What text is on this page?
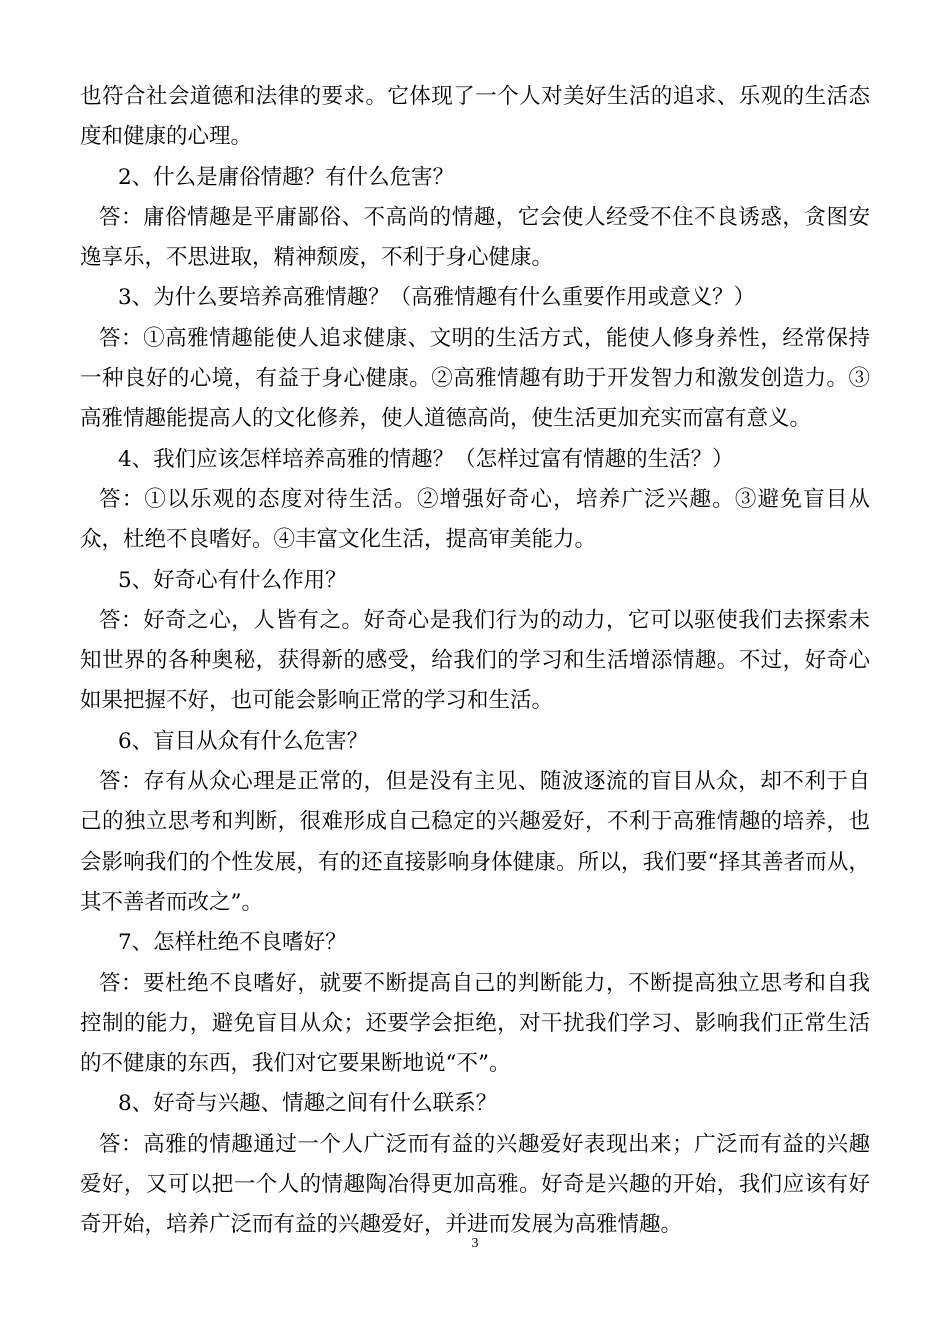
也符合社会道德和法律的要求。它体现了一个人对美好生活的追求、乐观的生活态度和健康的心理。

2、什么是庸俗情趣？有什么危害？

答：庸俗情趣是平庸鄙俗、不高尚的情趣，它会使人经受不住不良诱惑，贪图安逸享乐，不思进取，精神颓废，不利于身心健康。

3、为什么要培养高雅情趣？（高雅情趣有什么重要作用或意义？）

答：①高雅情趣能使人追求健康、文明的生活方式，能使人修身养性，经常保持一种良好的心境，有益于身心健康。②高雅情趣有助于开发智力和激发创造力。③高雅情趣能提高人的文化修养，使人道德高尚，使生活更加充实而富有意义。

4、我们应该怎样培养高雅的情趣？（怎样过富有情趣的生活？）

答：①以乐观的态度对待生活。②增强好奇心，培养广泛兴趣。③避免盲目从众，杜绝不良嗜好。④丰富文化生活，提高审美能力。

5、好奇心有什么作用？

答：好奇之心，人皆有之。好奇心是我们行为的动力，它可以驱使我们去探索未知世界的各种奥秘，获得新的感受，给我们的学习和生活增添情趣。不过，好奇心如果把握不好，也可能会影响正常的学习和生活。

6、盲目从众有什么危害？

答：存有从众心理是正常的，但是没有主见、随波逐流的盲目从众，却不利于自己的独立思考和判断，很难形成自己稳定的兴趣爱好，不利于高雅情趣的培养，也会影响我们的个性发展，有的还直接影响身体健康。所以，我们要“择其善者而从，其不善者而改之”。

7、怎样杜绝不良嗜好？

答：要杜绝不良嗜好，就要不断提高自己的判断能力，不断提高独立思考和自我控制的能力，避免盲目从众；还要学会拒绝，对干扰我们学习、影响我们正常生活的不健康的东西，我们对它要果断地说“不”。

8、好奇与兴趣、情趣之间有什么联系？

答：高雅的情趣通过一个人广泛而有益的兴趣爱好表现出来；广泛而有益的兴趣爱好，又可以把一个人的情趣陶冶得更加高雅。好奇是兴趣的开始，我们应该有好奇开始，培养广泛而有益的兴趣爱好，并进而发展为高雅情趣。

3
